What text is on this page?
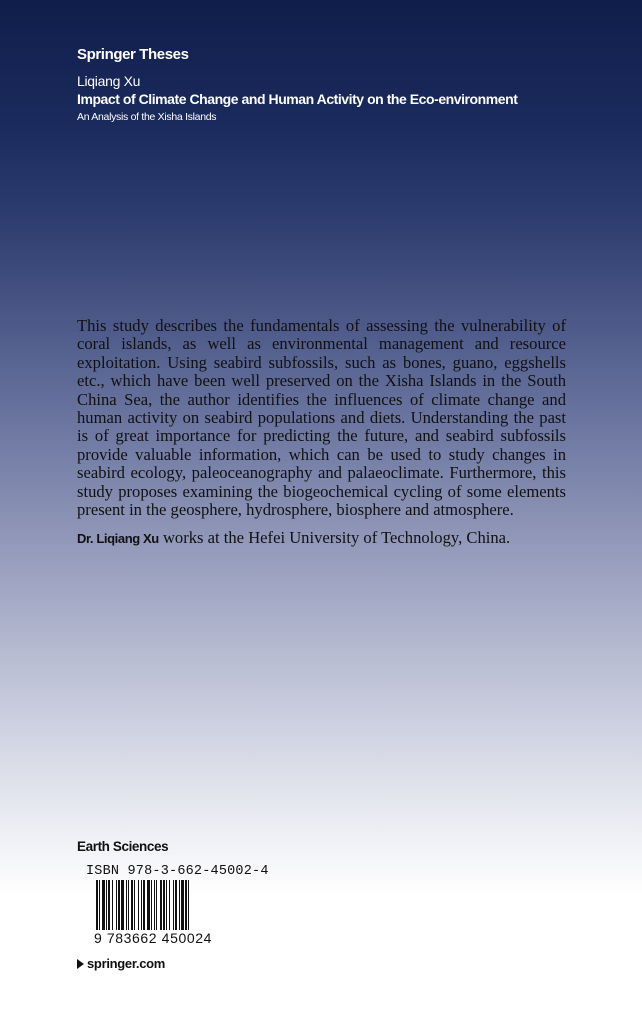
Springer Theses
Liqiang Xu
Impact of Climate Change and Human Activity on the Eco-environment
An Analysis of the Xisha Islands

This study describes the fundamentals of assessing the vulnerability of coral islands, as well as environmental management and resource exploitation. Using seabird subfossils, such as bones, guano, eggshells etc., which have been well preserved on the Xisha Islands in the South China Sea, the author identifies the influences of climate change and human activity on seabird populations and diets. Understanding the past is of great importance for predicting the future, and seabird subfossils provide valuable information, which can be used to study changes in seabird ecology, paleoceanography and palaeoclimate. Furthermore, this study proposes examining the biogeochemical cycling of some elements present in the geosphere, hydrosphere, biosphere and atmosphere.

Dr. Liqiang Xu works at the Hefei University of Technology, China.
Earth Sciences
ISBN 978-3-662-45002-4
9 783662 450024
springer.com
